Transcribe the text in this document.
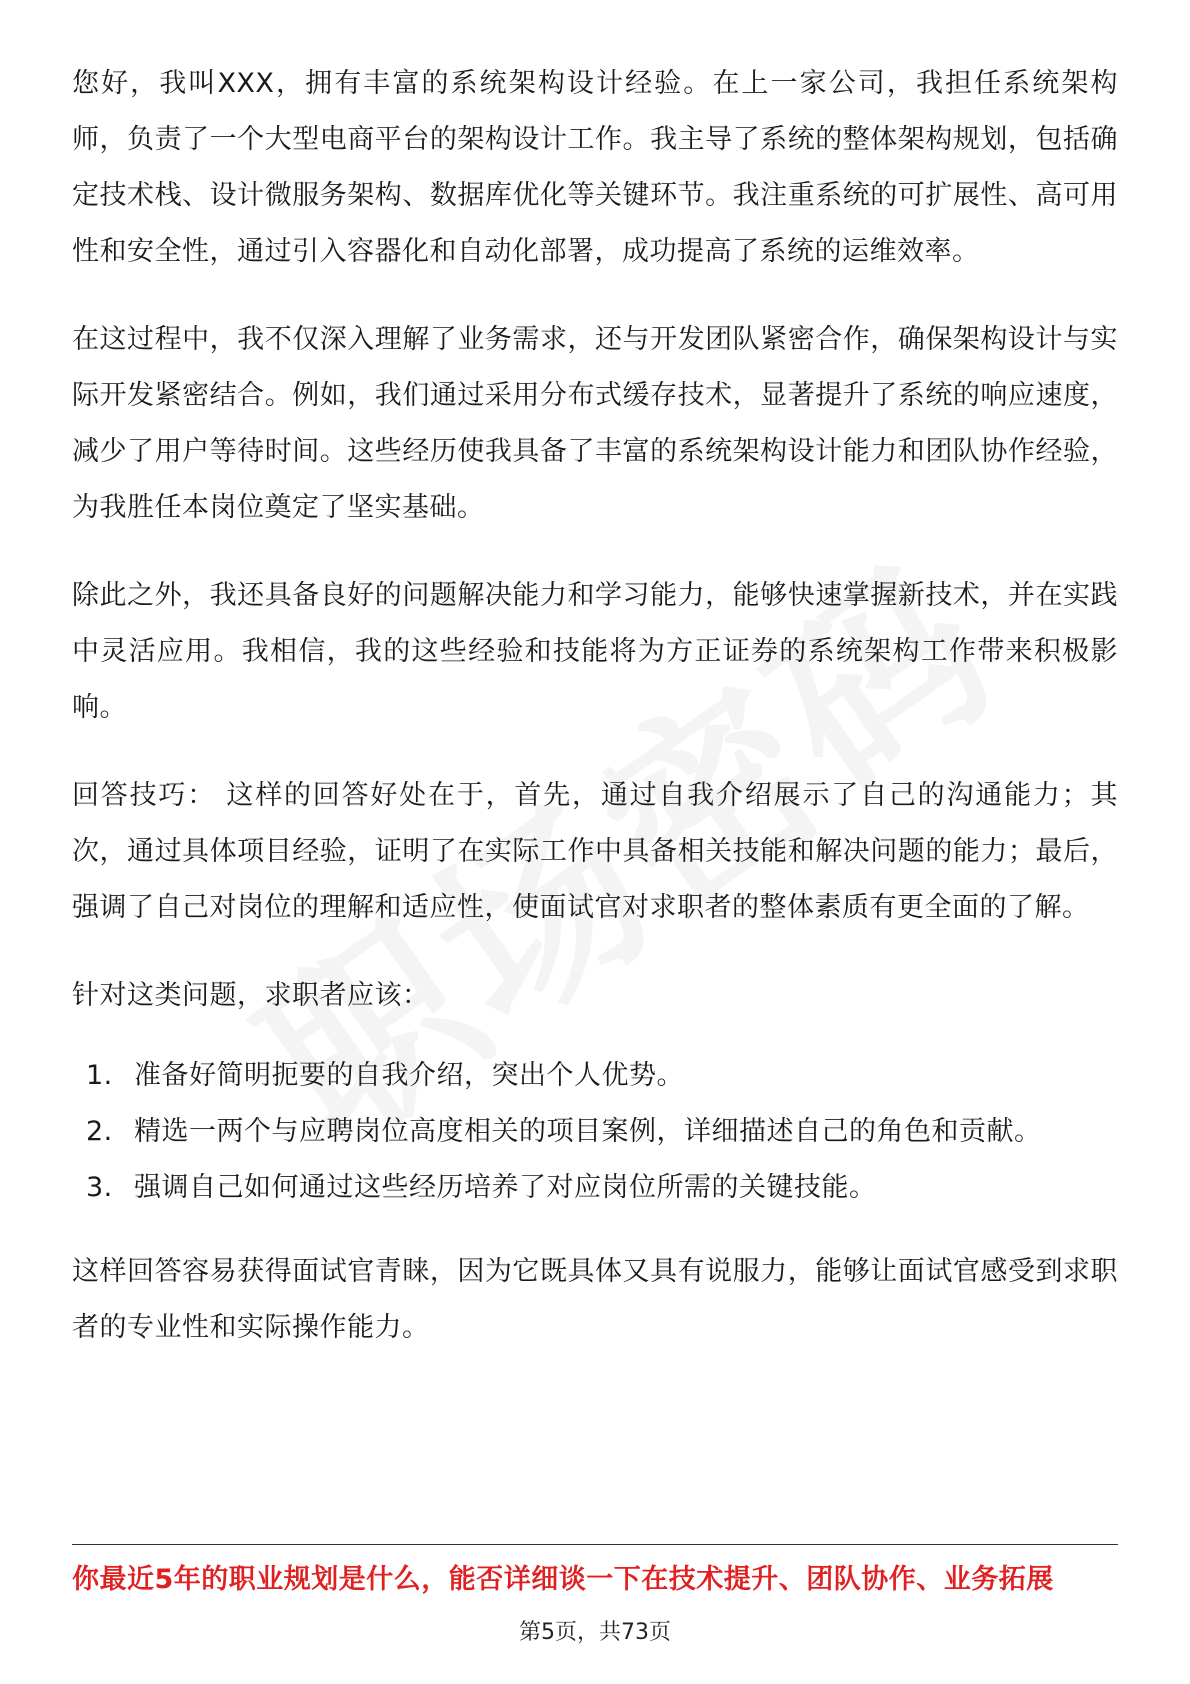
您好，我叫XXX，拥有丰富的系统架构设计经验。在上一家公司，我担任系统架构师，负责了一个大型电商平台的架构设计工作。我主导了系统的整体架构规划，包括确定技术栈、设计微服务架构、数据库优化等关键环节。我注重系统的可扩展性、高可用性和安全性，通过引入容器化和自动化部署，成功提高了系统的运维效率。

在这过程中，我不仅深入理解了业务需求，还与开发团队紧密合作，确保架构设计与实际开发紧密结合。例如，我们通过采用分布式缓存技术，显著提升了系统的响应速度，减少了用户等待时间。这些经历使我具备了丰富的系统架构设计能力和团队协作经验，为我胜任本岗位奠定了坚实基础。

除此之外，我还具备良好的问题解决能力和学习能力，能够快速掌握新技术，并在实践中灵活应用。我相信，我的这些经验和技能将为方正证券的系统架构工作带来积极影响。

回答技巧： 这样的回答好处在于，首先，通过自我介绍展示了自己的沟通能力；其次，通过具体项目经验，证明了在实际工作中具备相关技能和解决问题的能力；最后，强调了自己对岗位的理解和适应性，使面试官对求职者的整体素质有更全面的了解。

针对这类问题，求职者应该：

1. 准备好简明扼要的自我介绍，突出个人优势。
2. 精选一两个与应聘岗位高度相关的项目案例，详细描述自己的角色和贡献。
3. 强调自己如何通过这些经历培养了对应岗位所需的关键技能。

这样回答容易获得面试官青睐，因为它既具体又具有说服力，能够让面试官感受到求职者的专业性和实际操作能力。

你最近5年的职业规划是什么，能否详细谈一下在技术提升、团队协作、业务拓展
第5页，共73页
